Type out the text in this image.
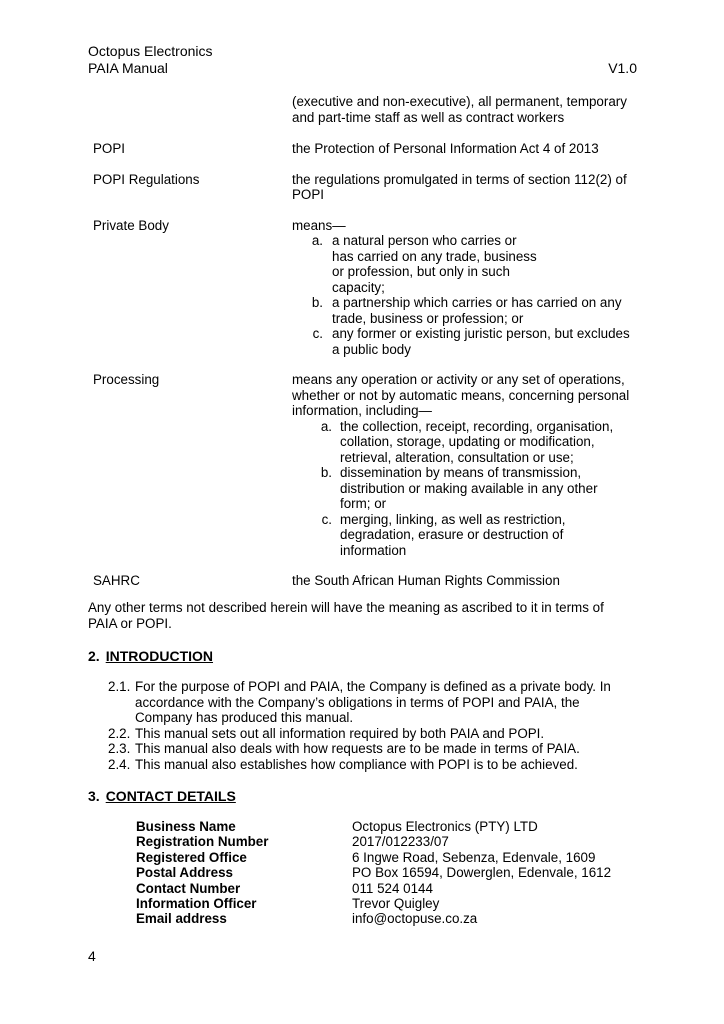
Octopus Electronics
PAIA Manual	V1.0
(executive and non-executive), all permanent, temporary and part-time staff as well as contract workers
POPI	the Protection of Personal Information Act 4 of 2013
POPI Regulations	the regulations promulgated in terms of section 112(2) of POPI
Private Body	means—
a. a natural person who carries or has carried on any trade, business or profession, but only in such capacity;
b. a partnership which carries or has carried on any trade, business or profession; or
c. any former or existing juristic person, but excludes a public body
Processing	means any operation or activity or any set of operations, whether or not by automatic means, concerning personal information, including—
a. the collection, receipt, recording, organisation, collation, storage, updating or modification, retrieval, alteration, consultation or use;
b. dissemination by means of transmission, distribution or making available in any other form; or
c. merging, linking, as well as restriction, degradation, erasure or destruction of information
SAHRC	the South African Human Rights Commission
Any other terms not described herein will have the meaning as ascribed to it in terms of PAIA or POPI.
2. INTRODUCTION
2.1. For the purpose of POPI and PAIA, the Company is defined as a private body. In accordance with the Company’s obligations in terms of POPI and PAIA, the Company has produced this manual.
2.2. This manual sets out all information required by both PAIA and POPI.
2.3. This manual also deals with how requests are to be made in terms of PAIA.
2.4. This manual also establishes how compliance with POPI is to be achieved.
3. CONTACT DETAILS
Business Name	Octopus Electronics (PTY) LTD
Registration Number	2017/012233/07
Registered Office	6 Ingwe Road, Sebenza, Edenvale, 1609
Postal Address	PO Box 16594, Dowerglen, Edenvale, 1612
Contact Number	011 524 0144
Information Officer	Trevor Quigley
Email address	info@octopuse.co.za
4
